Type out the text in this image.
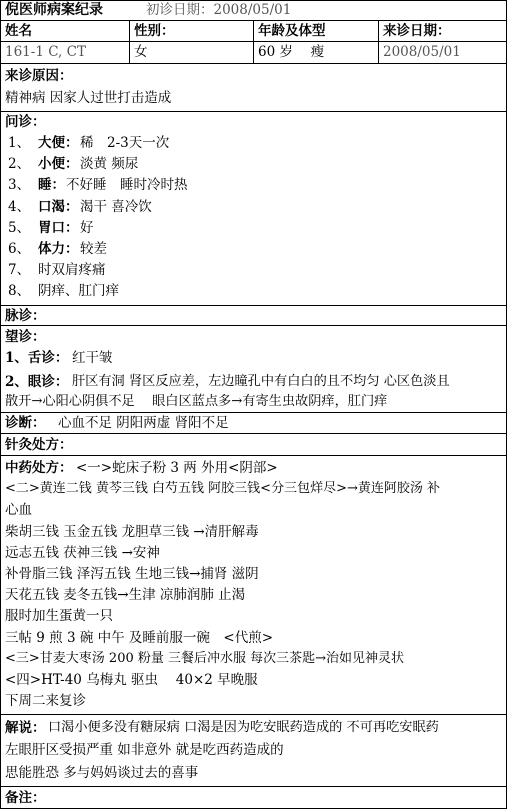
倪医师病案纪录	初诊日期：2008/05/01
姓名	性别：	年龄及体型	来诊日期：
161-1 C, CT	女	60 岁　 瘦	2008/05/01
来诊原因：
精神病 因家人过世打击造成
问诊：
1、 大便： 稀　2-3天一次
2、 小便： 淡黄 频尿
3、 睡： 不好睡　睡时冷时热
4、 口渴： 渴干 喜冷饮
5、 胃口： 好
6、 体力： 较差
7、 时双肩疼痛
8、 阴痒、肛门痒
脉诊：
望诊：
1、舌诊： 红干皱
2、眼诊： 肝区有洞 肾区反应差，左边瞳孔中有白白的且不均匀 心区色淡且
散开→心阳心阴俱不足　 眼白区蓝点多→有寄生虫故阴痒，肛门痒
诊断： 心血不足 阴阳两虚 肾阳不足
针灸处方：
中药处方： <一>蛇床子粉 3 两 外用<阴部>
<二>黄连二钱 黄芩三钱 白芍五钱 阿胶三钱<分三包烊尽>→黄连阿胶汤 补
心血
柴胡三钱 玉金五钱 龙胆草三钱 →清肝解毒
远志五钱 茯神三钱 →安神
补骨脂三钱 泽泻五钱 生地三钱→捕肾 滋阴
天花五钱 麦冬五钱→生津 凉肺润肺 止渴
服时加生蛋黄一只
三帖 9 煎 3 碗 中午 及睡前服一碗　<代煎>
<三>甘麦大枣汤 200 粉量 三餐后冲水服 每次三茶匙→治如见神灵状
<四>HT-40 乌梅丸 驱虫　 40×2 早晚服
下周二来复诊
解说： 口渴小便多没有糖尿病 口渴是因为吃安眠药造成的 不可再吃安眠药
左眼肝区受损严重 如非意外 就是吃西药造成的
思能胜恐 多与妈妈谈过去的喜事
备注：
